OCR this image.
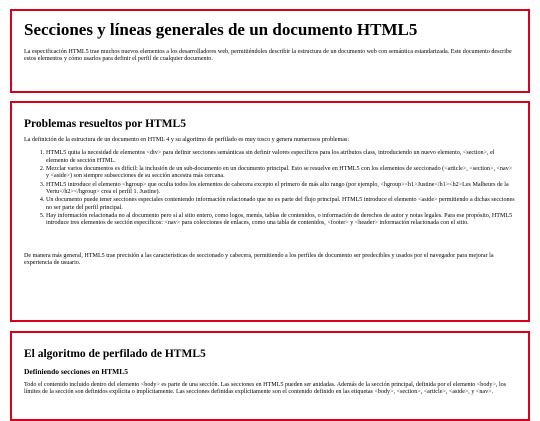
Secciones y líneas generales de un documento HTML5

La especificación HTML5 trae muchos nuevos elementos a los desarrolladores web, permitiéndoles describir la estructura de un documento web con semántica estandarizada. Este documento describe estos elementos y cómo usarlos para definir el perfil de cualquier documento.

Problemas resueltos por HTML5

La definición de la estructura de un documento en HTML 4 y su algoritmo de perfilado es muy tosco y genera numerosos problemas:

1. HTML5 quita la necesidad de elementos <div> para definir secciones semánticas sin definir valores específicos para los atributos class, introduciendo un nuevo elemento, <section>, el elemento de sección HTML.
2. Mezclar varios documentos es difícil: la inclusión de un sub-documento en un documento principal. Esto se resuelve en HTML5 con los elementos de seccionado (<article>, <section>, <nav> y <aside>) son siempre subsecciones de su sección ancestra más cercana.
3. HTML5 introduce el elemento <hgroup> que oculta todos los elementos de cabecera excepto el primero de más alto rango (por ejemplo, <hgroup><h1>Justine</h1><h2>Les Malheurs de la Vertu</h2></hgroup> crea el perfil 1. Justine).
4. Un documento puede tener secciones especiales conteniendo información relacionado que no es parte del flujo principal. HTML5 introduce el elemento <aside> permitiendo a dichas secciones no ser parte del perfil principal.
5. Hay información relacionada no al documento pero sí al sitio entero, como logos, menús, tablas de contenidos, o información de derechos de autor y notas legales. Para ese propósito, HTML5 introduce tres elementos de sección específicos: <nav> para colecciones de enlaces, como una tabla de contenidos, <footer> y <header> información relacionada con el sitio.

De manera más general, HTML5 trae precisión a las características de seccionado y cabecera, permitiendo a los perfiles de documento ser predecibles y usados por el navegador para mejorar la experiencia de usuario.

El algoritmo de perfilado de HTML5
Definiendo secciones en HTML5

Todo el contenido incluido dentro del elemento <body> es parte de una sección. Las secciones en HTML5 pueden ser anidadas. Además de la sección principal, definida por el elemento <body>, los límites de la sección son definidos explícita o implícitamente. Las secciones definidas explícitamente son el contenido definido en las etiquetas <body>, <section>, <article>, <aside>, y <nav>.
